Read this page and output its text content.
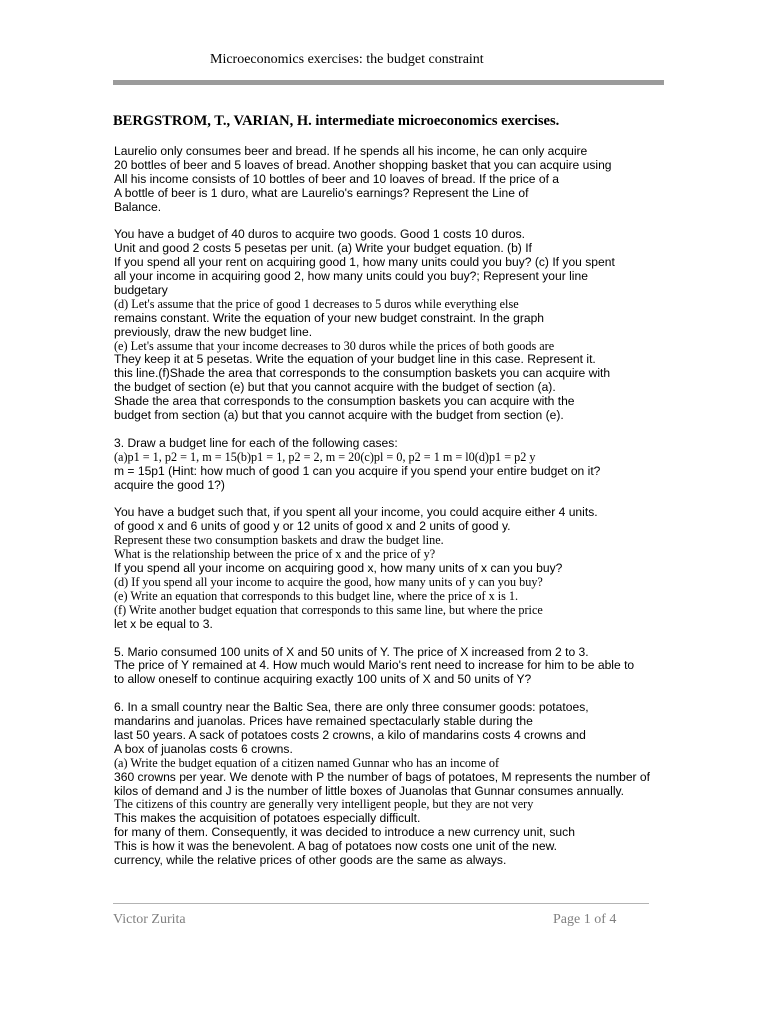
Microeconomics exercises: the budget constraint
BERGSTROM, T., VARIAN, H. intermediate microeconomics exercises.
Laurelio only consumes beer and bread. If he spends all his income, he can only acquire
20 bottles of beer and 5 loaves of bread. Another shopping basket that you can acquire using
All his income consists of 10 bottles of beer and 10 loaves of bread. If the price of a
A bottle of beer is 1 duro, what are Laurelio's earnings? Represent the Line of
Balance.
You have a budget of 40 duros to acquire two goods. Good 1 costs 10 duros.
Unit and good 2 costs 5 pesetas per unit. (a) Write your budget equation. (b) If
If you spend all your rent on acquiring good 1, how many units could you buy? (c) If you spent
all your income in acquiring good 2, how many units could you buy?; Represent your line
budgetary
(d) Let's assume that the price of good 1 decreases to 5 duros while everything else
remains constant. Write the equation of your new budget constraint. In the graph
previously, draw the new budget line.
(e) Let's assume that your income decreases to 30 duros while the prices of both goods are
They keep it at 5 pesetas. Write the equation of your budget line in this case. Represent it.
this line.(f)Shade the area that corresponds to the consumption baskets you can acquire with
the budget of section (e) but that you cannot acquire with the budget of section (a).
Shade the area that corresponds to the consumption baskets you can acquire with the
budget from section (a) but that you cannot acquire with the budget from section (e).
3. Draw a budget line for each of the following cases:
(a)p1 = 1, p2 = 1, m = 15(b)p1 = 1, p2 = 2, m = 20(c)pl = 0, p2 = 1 m = l0(d)p1 = p2 y
m = 15p1 (Hint: how much of good 1 can you acquire if you spend your entire budget on it?
acquire the good 1?)
You have a budget such that, if you spent all your income, you could acquire either 4 units.
of good x and 6 units of good y or 12 units of good x and 2 units of good y.
Represent these two consumption baskets and draw the budget line.
What is the relationship between the price of x and the price of y?
If you spend all your income on acquiring good x, how many units of x can you buy?
(d) If you spend all your income to acquire the good, how many units of y can you buy?
(e) Write an equation that corresponds to this budget line, where the price of x is 1.
(f) Write another budget equation that corresponds to this same line, but where the price
let x be equal to 3.
5. Mario consumed 100 units of X and 50 units of Y. The price of X increased from 2 to 3.
The price of Y remained at 4. How much would Mario's rent need to increase for him to be able to
to allow oneself to continue acquiring exactly 100 units of X and 50 units of Y?
6. In a small country near the Baltic Sea, there are only three consumer goods: potatoes,
mandarins and juanolas. Prices have remained spectacularly stable during the
last 50 years. A sack of potatoes costs 2 crowns, a kilo of mandarins costs 4 crowns and
A box of juanolas costs 6 crowns.
(a) Write the budget equation of a citizen named Gunnar who has an income of
360 crowns per year. We denote with P the number of bags of potatoes, M represents the number of
kilos of demand and J is the number of little boxes of Juanolas that Gunnar consumes annually.
The citizens of this country are generally very intelligent people, but they are not very
This makes the acquisition of potatoes especially difficult.
for many of them. Consequently, it was decided to introduce a new currency unit, such
This is how it was the benevolent. A bag of potatoes now costs one unit of the new.
currency, while the relative prices of other goods are the same as always.
Victor Zurita	Page 1 of 4
